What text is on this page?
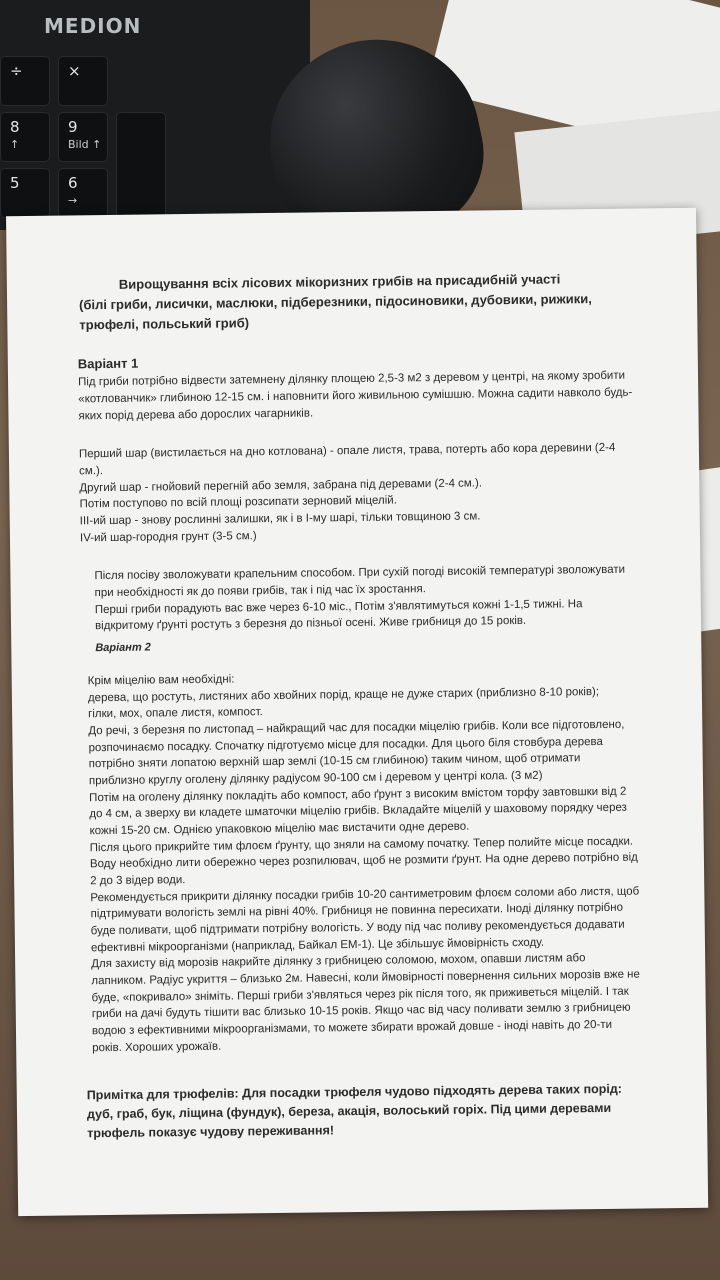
MEDION
÷	×
8
↑
9
Bild ↑
5	6
→
Вирощування всіх лісових мікоризних грибів на присадибній участі
(білі гриби, лисички, маслюки, підберезники, підосиновики, дубовики, рижики, трюфелі, польський гриб)
Варіант 1

Під гриби потрібно відвести затемнену ділянку площею 2,5-3 м2 з деревом у центрі, на якому зробити «котлованчик» глибиною 12-15 см. і наповнити його живильною сумішшю. Можна садити навколо будь-яких порід дерева або дорослих чагарників.

Перший шар (вистилається на дно котлована) - опале листя, трава, потерть або кора деревини (2-4 см.).

Другий шар - гнойовий перегній або земля, забрана під деревами (2-4 см.).

Потім поступово по всій площі розсипати зерновий міцелій.

ІІІ-ий шар - знову рослинні залишки, як і в І-му шарі, тільки товщиною 3 см.

IV-ий шар-городня грунт (3-5 см.)

Після посіву зволожувати крапельним способом. При сухій погоді високій температурі зволожувати при необхідності як до появи грибів, так і під час їх зростання.

Перші гриби порадують вас вже через 6-10 міс., Потім з'являтимуться кожні 1-1,5 тижні. На відкритому ґрунті ростуть з березня до пізньої осені. Живе грибниця до 15 років.

Варіант 2

Крім міцелію вам необхідні:

дерева, що ростуть, листяних або хвойних порід, краще не дуже старих (приблизно 8-10 років);

гілки, мох, опале листя, компост.

До речі, з березня по листопад – найкращий час для посадки міцелію грибів. Коли все підготовлено, розпочинаємо посадку. Спочатку підготуємо місце для посадки. Для цього біля стовбура дерева потрібно зняти лопатою верхній шар землі (10-15 см глибиною) таким чином, щоб отримати приблизно круглу оголену ділянку радіусом 90-100 см і деревом у центрі кола. (3 м2)

Потім на оголену ділянку покладіть або компост, або ґрунт з високим вмістом торфу завтовшки від 2 до 4 см, а зверху ви кладете шматочки міцелію грибів. Вкладайте міцелій у шаховому порядку через кожні 15-20 см. Однією упаковкою міцелію має вистачити одне дерево.

Після цього прикрийте тим флоєм ґрунту, що зняли на самому початку. Тепер полийте місце посадки. Воду необхідно лити обережно через розпилювач, щоб не розмити ґрунт. На одне дерево потрібно від 2 до 3 відер води.

Рекомендується прикрити ділянку посадки грибів 10-20 сантиметровим флоєм соломи або листя, щоб підтримувати вологість землі на рівні 40%. Грибниця не повинна пересихати. Іноді ділянку потрібно буде поливати, щоб підтримати потрібну вологість. У воду під час поливу рекомендується додавати ефективні мікроорганізми (наприклад, Байкал ЕМ-1). Це збільшує ймовірність сходу.

Для захисту від морозів накрийте ділянку з грибницею соломою, мохом, опавши листям або лапником. Радіус укриття – близько 2м. Навесні, коли ймовірності повернення сильних морозів вже не буде, «покривало» зніміть. Перші гриби з'являться через рік після того, як приживеться міцелій. І так гриби на дачі будуть тішити вас близько 10-15 років. Якщо час від часу поливати землю з грибницею водою з ефективними мікроорганізмами, то можете збирати врожай довше - іноді навіть до 20-ти років. Хороших урожаїв.

Примітка для трюфелів: Для посадки трюфеля чудово підходять дерева таких порід: дуб, граб, бук, ліщина (фундук), береза, акація, волоський горіх. Під цими деревами трюфель показує чудову переживання!
